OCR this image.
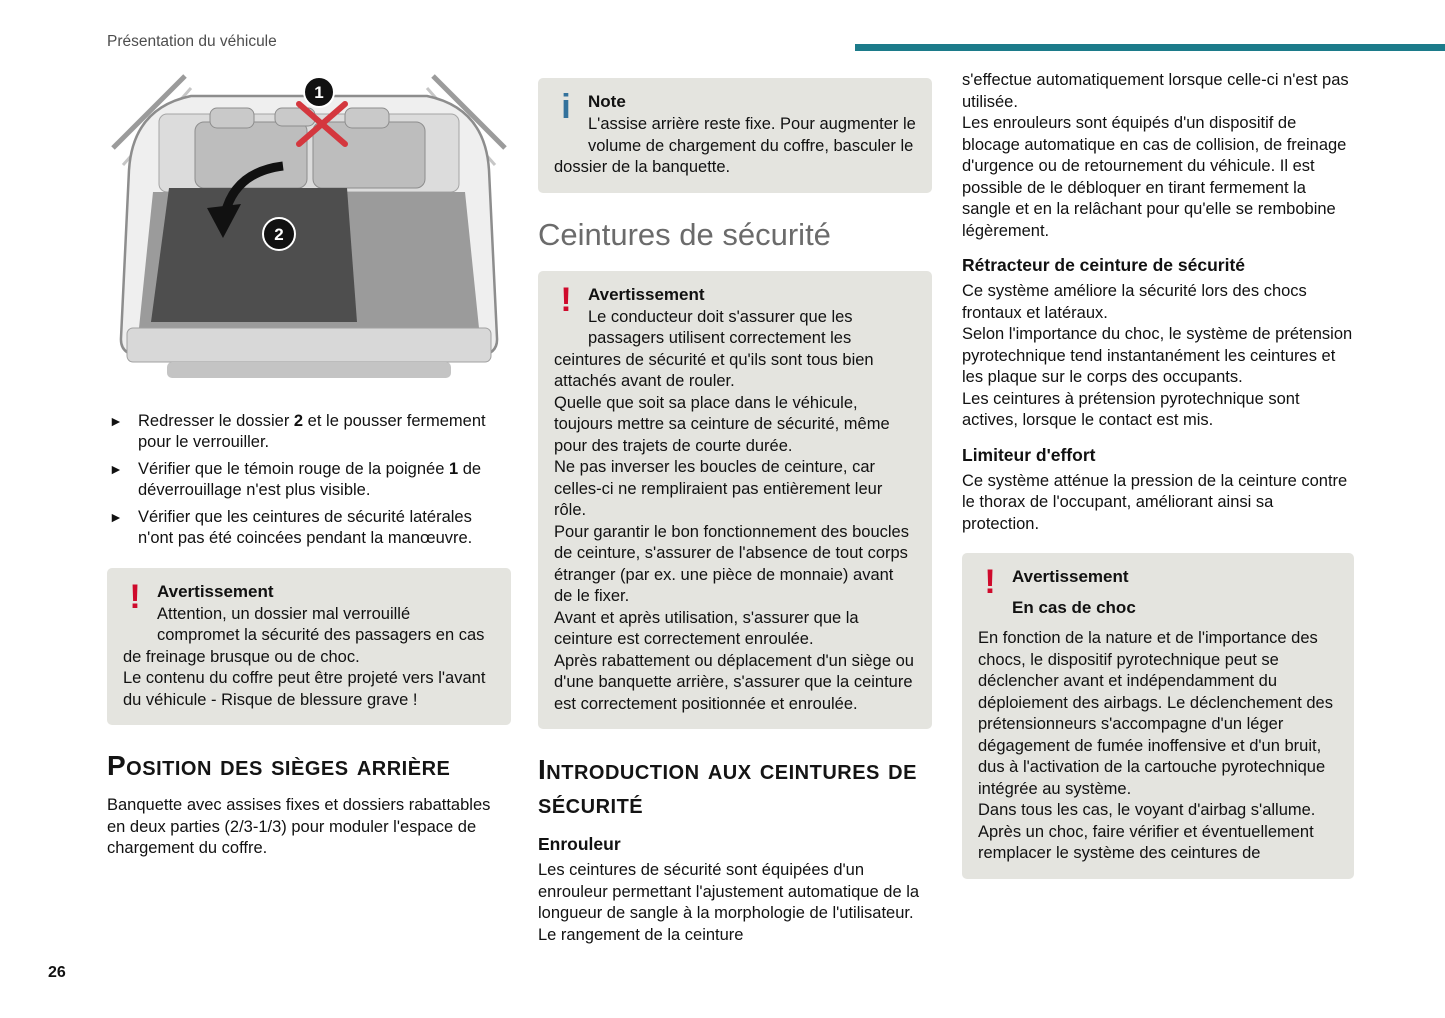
Présentation du véhicule
1
2
► Redresser le dossier 2 et le pousser fermement pour le verrouiller.
► Vérifier que le témoin rouge de la poignée 1 de déverrouillage n'est plus visible.
► Vérifier que les ceintures de sécurité latérales n'ont pas été coincées pendant la manœuvre.
! Avertissement

Attention, un dossier mal verrouillé compromet la sécurité des passagers en cas de freinage brusque ou de choc.

Le contenu du coffre peut être projeté vers l'avant du véhicule - Risque de blessure grave !

Position des sièges arrière

Banquette avec assises fixes et dossiers rabattables en deux parties (2/3-1/3) pour moduler l'espace de chargement du coffre.

i	Note

L'assise arrière reste fixe. Pour augmenter le volume de chargement du coffre, basculer le dossier de la banquette.

Ceintures de sécurité
! Avertissement

Le conducteur doit s'assurer que les passagers utilisent correctement les ceintures de sécurité et qu'ils sont tous bien attachés avant de rouler.

Quelle que soit sa place dans le véhicule, toujours mettre sa ceinture de sécurité, même pour des trajets de courte durée.

Ne pas inverser les boucles de ceinture, car celles-ci ne rempliraient pas entièrement leur rôle.

Pour garantir le bon fonctionnement des boucles de ceinture, s'assurer de l'absence de tout corps étranger (par ex. une pièce de monnaie) avant de le fixer.

Avant et après utilisation, s'assurer que la ceinture est correctement enroulée.

Après rabattement ou déplacement d'un siège ou d'une banquette arrière, s'assurer que la ceinture est correctement positionnée et enroulée.

Introduction aux ceintures de sécurité
Enrouleur

Les ceintures de sécurité sont équipées d'un enrouleur permettant l'ajustement automatique de la longueur de sangle à la morphologie de l'utilisateur. Le rangement de la ceinture

s'effectue automatiquement lorsque celle-ci n'est pas utilisée.

Les enrouleurs sont équipés d'un dispositif de blocage automatique en cas de collision, de freinage d'urgence ou de retournement du véhicule. Il est possible de le débloquer en tirant fermement la sangle et en la relâchant pour qu'elle se rembobine légèrement.

Rétracteur de ceinture de sécurité

Ce système améliore la sécurité lors des chocs frontaux et latéraux.

Selon l'importance du choc, le système de prétension pyrotechnique tend instantanément les ceintures et les plaque sur le corps des occupants.

Les ceintures à prétension pyrotechnique sont actives, lorsque le contact est mis.

Limiteur d'effort

Ce système atténue la pression de la ceinture contre le thorax de l'occupant, améliorant ainsi sa protection.

! Avertissement
En cas de choc

En fonction de la nature et de l'importance des chocs, le dispositif pyrotechnique peut se déclencher avant et indépendamment du déploiement des airbags. Le déclenchement des prétensionneurs s'accompagne d'un léger dégagement de fumée inoffensive et d'un bruit, dus à l'activation de la cartouche pyrotechnique intégrée au système.

Dans tous les cas, le voyant d'airbag s'allume.

Après un choc, faire vérifier et éventuellement remplacer le système des ceintures de

26
